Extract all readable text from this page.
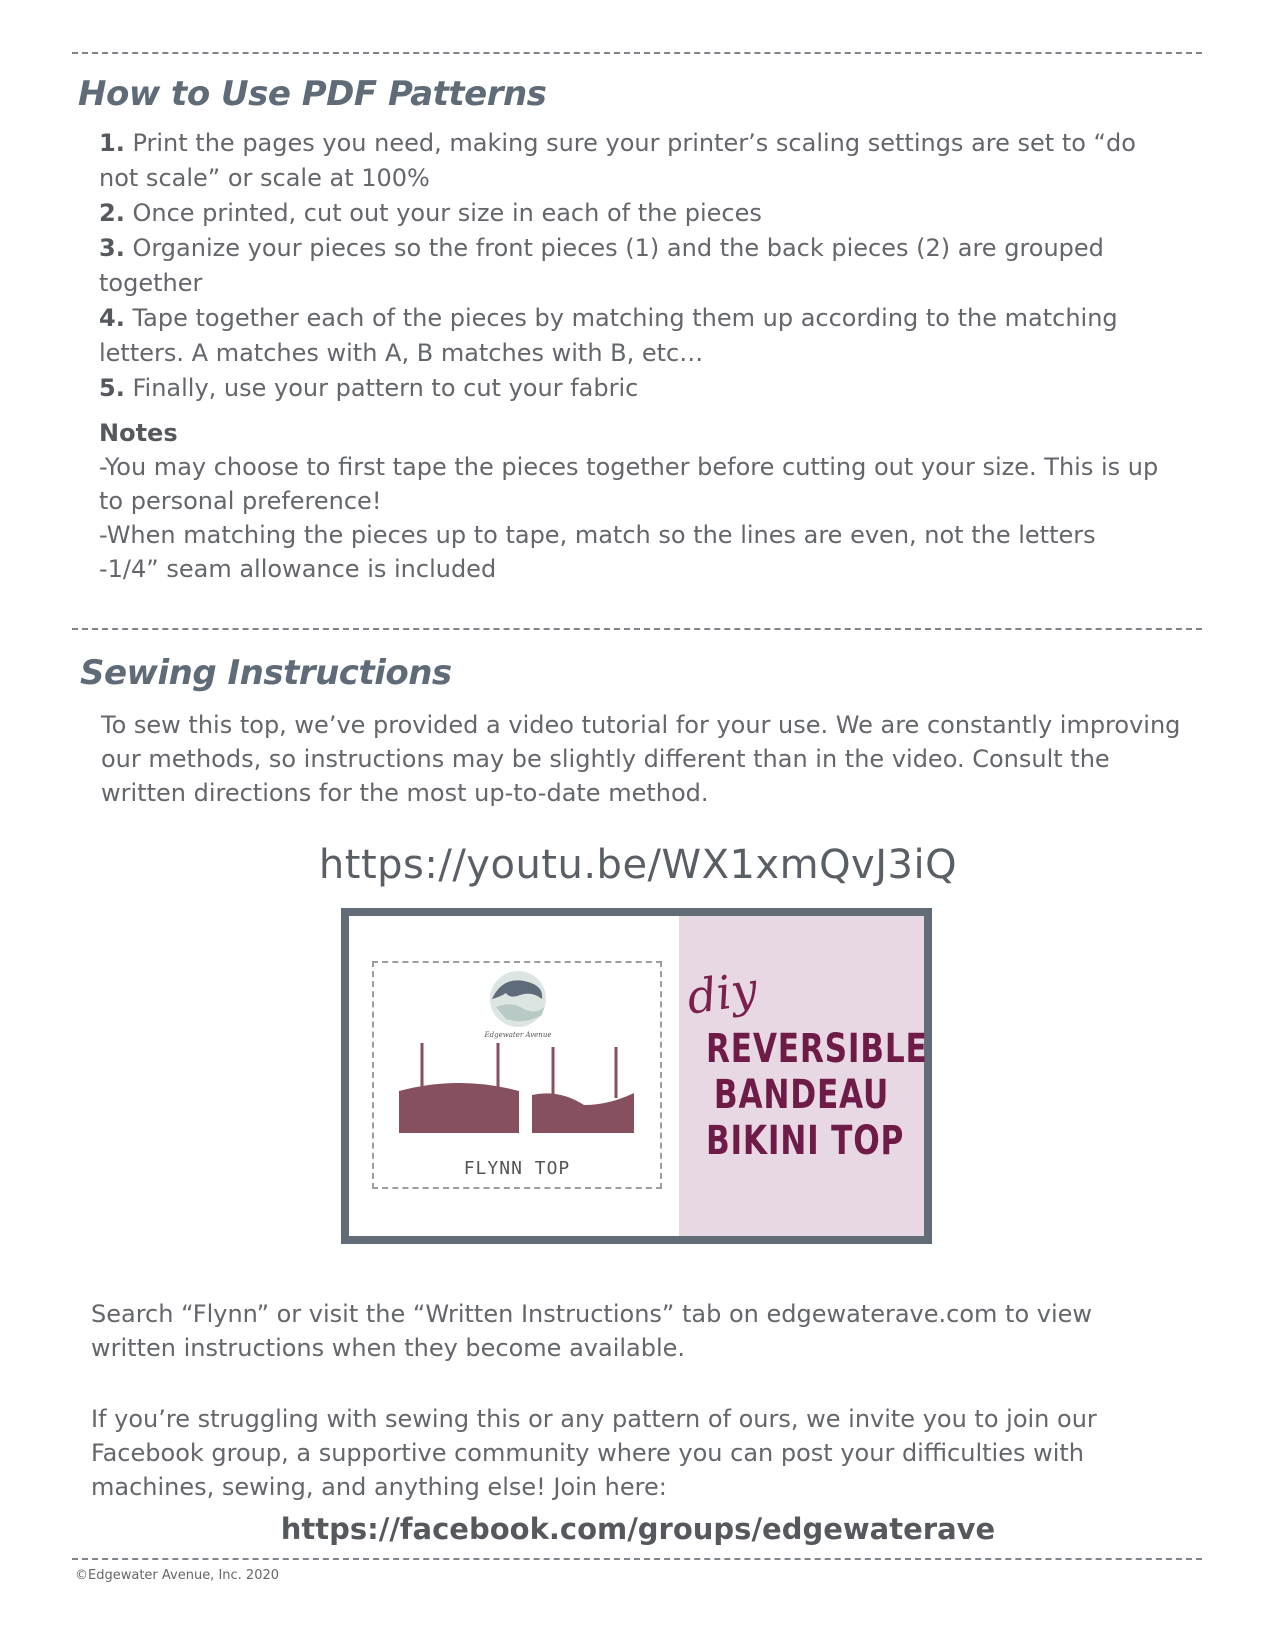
How to Use PDF Patterns

1. Print the pages you need, making sure your printer’s scaling settings are set to “do not scale” or scale at 100%

2. Once printed, cut out your size in each of the pieces

3. Organize your pieces so the front pieces (1) and the back pieces (2) are grouped together

4. Tape together each of the pieces by matching them up according to the matching letters. A matches with A, B matches with B, etc…

5. Finally, use your pattern to cut your fabric

Notes

-You may choose to first tape the pieces together before cutting out your size. This is up to personal preference!

-When matching the pieces up to tape, match so the lines are even, not the letters

-1/4” seam allowance is included

Sewing Instructions
To sew this top, we’ve provided a video tutorial for your use. We are constantly improving our methods, so instructions may be slightly different than in the video. Consult the written directions for the most up-to-date method.
https://youtu.be/WX1xmQvJ3iQ
Edgewater Avenue
FLYNN TOP
diy
REVERSIBLE
BANDEAU
BIKINI TOP
Search “Flynn” or visit the “Written Instructions” tab on edgewaterave.com to view written instructions when they become available.
If you’re struggling with sewing this or any pattern of ours, we invite you to join our Facebook group, a supportive community where you can post your difficulties with machines, sewing, and anything else! Join here:
https://facebook.com/groups/edgewaterave
©Edgewater Avenue, Inc. 2020
